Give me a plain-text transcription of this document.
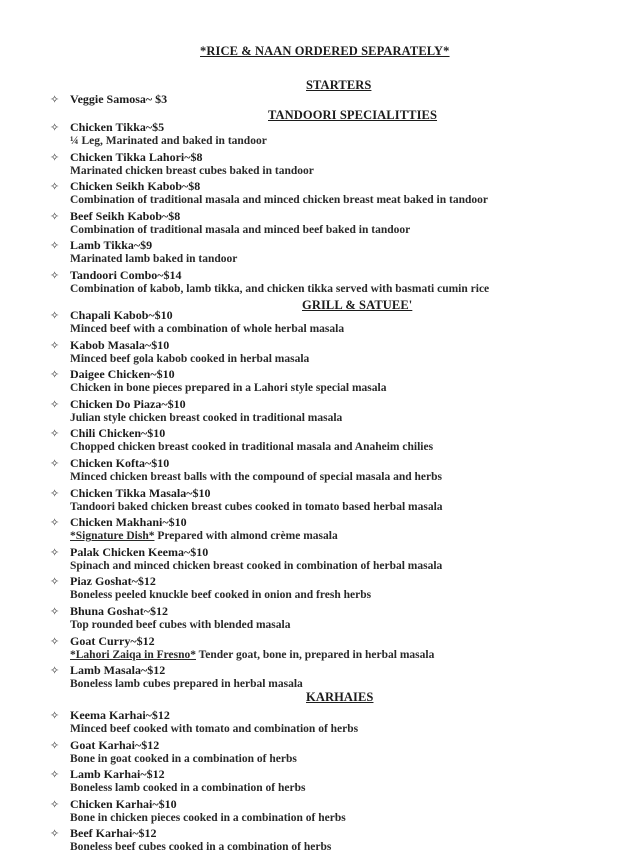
*RICE & NAAN ORDERED SEPARATELY*
STARTERS
TANDOORI SPECIALITTIES
GRILL & SATUEE'
KARHAIES
✧ Veggie Samosa~ $3
✧ Chicken Tikka~$5
¼ Leg, Marinated and baked in tandoor
✧ Chicken Tikka Lahori~$8
Marinated chicken breast cubes baked in tandoor
✧ Chicken Seikh Kabob~$8
Combination of traditional masala and minced chicken breast meat baked in tandoor
✧ Beef Seikh Kabob~$8
Combination of traditional masala and minced beef baked in tandoor
✧ Lamb Tikka~$9
Marinated lamb baked in tandoor
✧ Tandoori Combo~$14
Combination of kabob, lamb tikka, and chicken tikka served with basmati cumin rice
✧ Chapali Kabob~$10
Minced beef with a combination of whole herbal masala
✧ Kabob Masala~$10
Minced beef gola kabob cooked in herbal masala
✧ Daigee Chicken~$10
Chicken in bone pieces prepared in a Lahori style special masala
✧ Chicken Do Piaza~$10
Julian style chicken breast cooked in traditional masala
✧ Chili Chicken~$10
Chopped chicken breast cooked in traditional masala and Anaheim chilies
✧ Chicken Kofta~$10
Minced chicken breast balls with the compound of special masala and herbs
✧ Chicken Tikka Masala~$10
Tandoori baked chicken breast cubes cooked in tomato based herbal masala
✧ Chicken Makhani~$10
*Signature Dish* Prepared with almond crème masala
✧ Palak Chicken Keema~$10
Spinach and minced chicken breast cooked in combination of herbal masala
✧ Piaz Goshat~$12
Boneless peeled knuckle beef cooked in onion and fresh herbs
✧ Bhuna Goshat~$12
Top rounded beef cubes with blended masala
✧ Goat Curry~$12
*Lahori Zaiqa in Fresno* Tender goat, bone in, prepared in herbal masala
✧ Lamb Masala~$12
Boneless lamb cubes prepared in herbal masala
✧ Keema Karhai~$12
Minced beef cooked with tomato and combination of herbs
✧ Goat Karhai~$12
Bone in goat cooked in a combination of herbs
✧ Lamb Karhai~$12
Boneless lamb cooked in a combination of herbs
✧ Chicken Karhai~$10
Bone in chicken pieces cooked in a combination of herbs
✧ Beef Karhai~$12
Boneless beef cubes cooked in a combination of herbs
